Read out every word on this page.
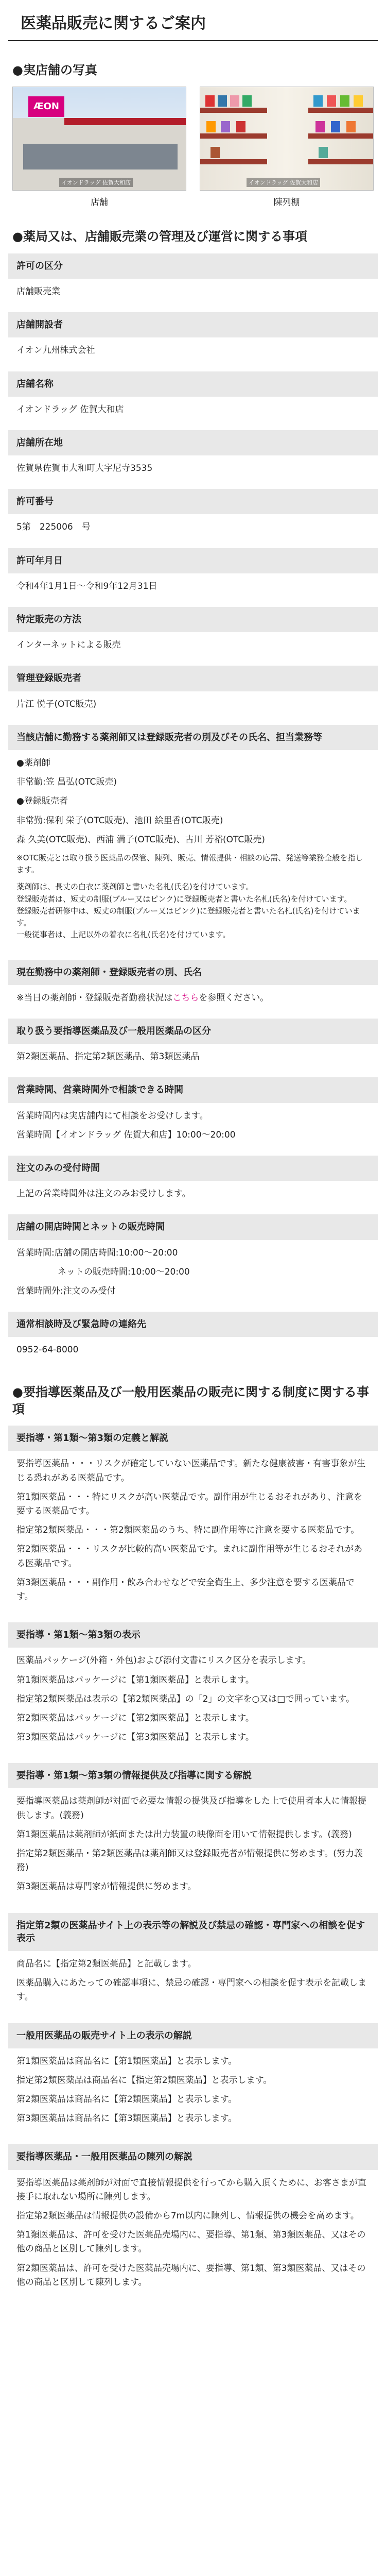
医薬品販売に関するご案内
●実店舗の写真
ÆON
イオンドラッグ 佐賀大和店
店舗
イオンドラッグ 佐賀大和店
陳列棚
●薬局又は、店舗販売業の管理及び運営に関する事項
許可の区分
店舗販売業
店舗開設者
イオン九州株式会社
店舗名称
イオンドラッグ 佐賀大和店
店舗所在地
佐賀県佐賀市大和町大字尼寺3535
許可番号
5第　225006　号
許可年月日
令和4年1月1日～令和9年12月31日
特定販売の方法
インターネットによる販売
管理登録販売者
片江 悦子(OTC販売)
当該店舗に勤務する薬剤師又は登録販売者の別及びその氏名、担当業務等

●薬剤師

非常勤:笠 昌弘(OTC販売)

●登録販売者

非常勤:保利 栄子(OTC販売)、池田 絵里香(OTC販売)

森 久美(OTC販売)、西浦 満子(OTC販売)、古川 芳裕(OTC販売)

※OTC販売とは取り扱う医薬品の保管、陳列、販売、情報提供・相談の応需、発送等業務全般を指します。

薬剤師は、長丈の白衣に薬剤師と書いた名札(氏名)を付けています。

登録販売者は、短丈の制服(ブルー又はピンク)に登録販売者と書いた名札(氏名)を付けています。

登録販売者研修中は、短丈の制服(ブルー又はピンク)に登録販売者と書いた名札(氏名)を付けています。

一般従事者は、上記以外の着衣に名札(氏名)を付けています。

現在勤務中の薬剤師・登録販売者の別、氏名
※当日の薬剤師・登録販売者勤務状況はこちらを参照ください。
取り扱う要指導医薬品及び一般用医薬品の区分
第2類医薬品、指定第2類医薬品、第3類医薬品
営業時間、営業時間外で相談できる時間

営業時間内は実店舗内にて相談をお受けします。

営業時間【イオンドラッグ 佐賀大和店】10:00～20:00

注文のみの受付時間
上記の営業時間外は注文のみお受けします。
店舗の開店時間とネットの販売時間

営業時間:店舗の開店時間:10:00～20:00

ネットの販売時間:10:00～20:00

営業時間外:注文のみ受付

通常相談時及び緊急時の連絡先
0952-64-8000
●要指導医薬品及び一般用医薬品の販売に関する制度に関する事項
要指導・第1類～第3類の定義と解説

要指導医薬品・・・リスクが確定していない医薬品です。新たな健康被害・有害事象が生じる恐れがある医薬品です。

第1類医薬品・・・特にリスクが高い医薬品です。副作用が生じるおそれがあり、注意を要する医薬品です。

指定第2類医薬品・・・第2類医薬品のうち、特に副作用等に注意を要する医薬品です。

第2類医薬品・・・リスクが比較的高い医薬品です。まれに副作用等が生じるおそれがある医薬品です。

第3類医薬品・・・副作用・飲み合わせなどで安全衛生上、多少注意を要する医薬品です。

要指導・第1類～第3類の表示

医薬品パッケージ(外箱・外包)および添付文書にリスク区分を表示します。

第1類医薬品はパッケージに【第1類医薬品】と表示します。

指定第2類医薬品は表示の【第2類医薬品】の「2」の文字を○又は□で囲っています。

第2類医薬品はパッケージに【第2類医薬品】と表示します。

第3類医薬品はパッケージに【第3類医薬品】と表示します。

要指導・第1類～第3類の情報提供及び指導に関する解説

要指導医薬品は薬剤師が対面で必要な情報の提供及び指導をした上で使用者本人に情報提供します。(義務)

第1類医薬品は薬剤師が紙面または出力装置の映像面を用いて情報提供します。(義務)

指定第2類医薬品・第2類医薬品は薬剤師又は登録販売者が情報提供に努めます。(努力義務)

第3類医薬品は専門家が情報提供に努めます。

指定第2類の医薬品サイト上の表示等の解説及び禁忌の確認・専門家への相談を促す表示

商品名に【指定第2類医薬品】と記載します。

医薬品購入にあたっての確認事項に、禁忌の確認・専門家への相談を促す表示を記載します。

一般用医薬品の販売サイト上の表示の解説

第1類医薬品は商品名に【第1類医薬品】と表示します。

指定第2類医薬品は商品名に【指定第2類医薬品】と表示します。

第2類医薬品は商品名に【第2類医薬品】と表示します。

第3類医薬品は商品名に【第3類医薬品】と表示します。

要指導医薬品・一般用医薬品の陳列の解説

要指導医薬品は薬剤師が対面で直接情報提供を行ってから購入頂くために、お客さまが直接手に取れない場所に陳列します。

指定第2類医薬品は情報提供の設備から7m以内に陳列し、情報提供の機会を高めます。

第1類医薬品は、許可を受けた医薬品売場内に、要指導、第1類、第3類医薬品、又はその他の商品と区別して陳列します。

第2類医薬品は、許可を受けた医薬品売場内に、要指導、第1類、第3類医薬品、又はその他の商品と区別して陳列します。
